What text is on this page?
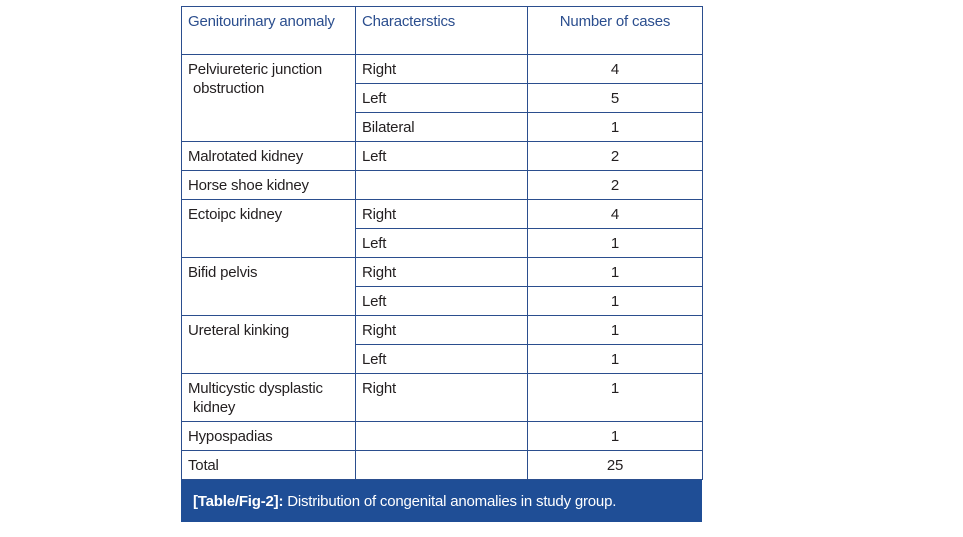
Genitourinary anomaly	Characterstics	Number of cases

Pelviureteric junction
obstruction	Right	4
	Left	5
	Bilateral	1
Malrotated kidney	Left	2
Horse shoe kidney		2
Ectoipc kidney	Right	4
	Left	1
Bifid pelvis	Right	1
	Left	1
Ureteral kinking	Right	1
	Left	1

Multicystic dysplastic
kidney	Right	1
Hypospadias		1
Total		25
[Table/Fig-2]: Distribution of congenital anomalies in study group.
